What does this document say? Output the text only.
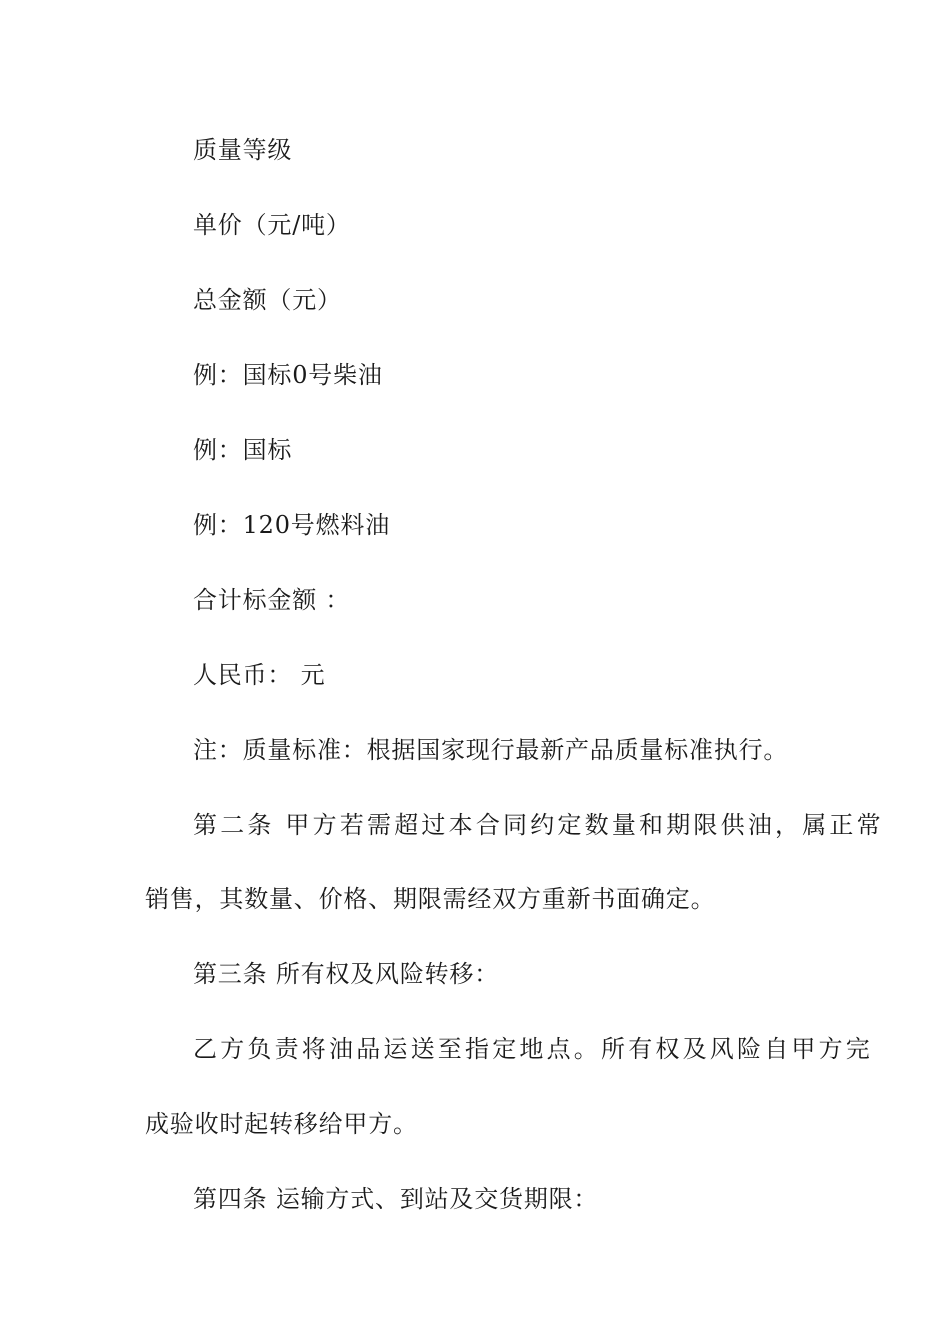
质量等级

单价（元/吨）

总金额（元）

例：国标0号柴油

例：国标

例：120号燃料油

合计标金额 ：

人民币： 元

注：质量标准：根据国家现行最新产品质量标准执行。

第二条 甲方若需超过本合同约定数量和期限供油，属正常

销售，其数量、价格、期限需经双方重新书面确定。

第三条 所有权及风险转移：

乙方负责将油品运送至指定地点。所有权及风险自甲方完

成验收时起转移给甲方。

第四条 运输方式、到站及交货期限：
